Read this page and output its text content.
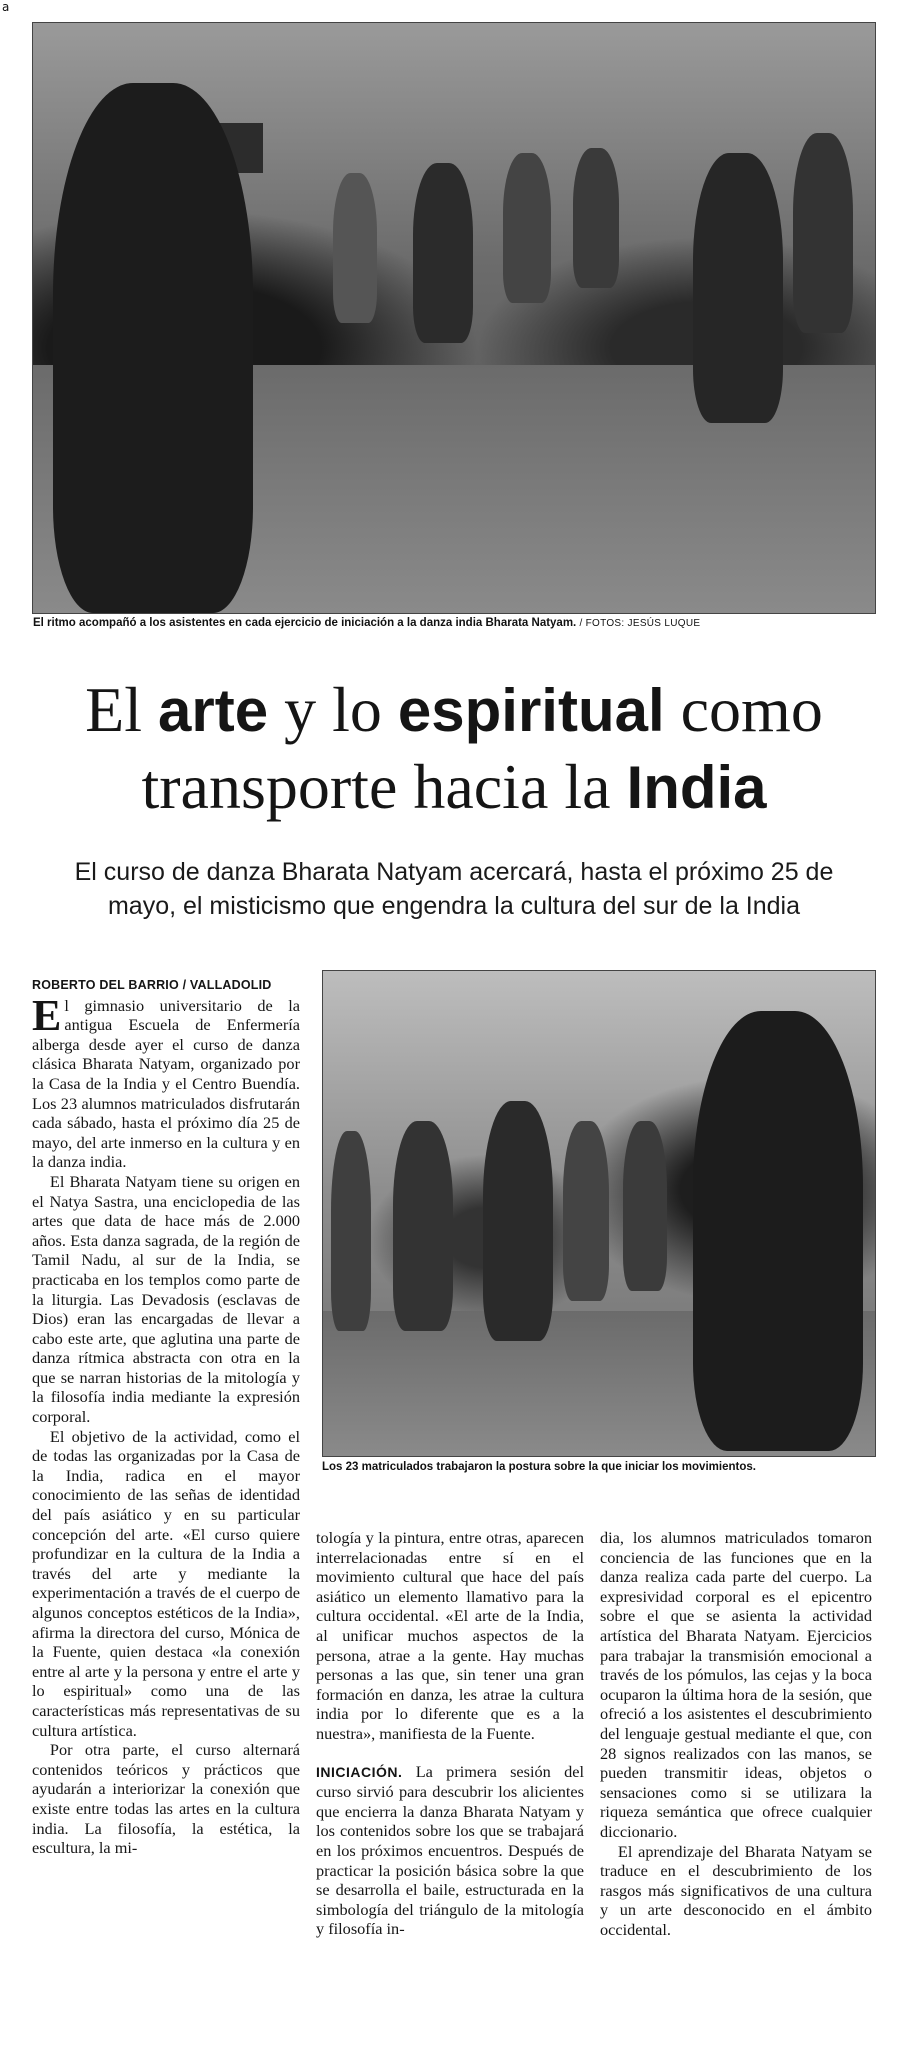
a
El ritmo acompañó a los asistentes en cada ejercicio de iniciación a la danza india Bharata Natyam. / FOTOS: JESÚS LUQUE
El arte y lo espiritual como
transporte hacia la India
El curso de danza Bharata Natyam acercará, hasta el próximo 25 de
mayo, el misticismo que engendra la cultura del sur de la India
Los 23 matriculados trabajaron la postura sobre la que iniciar los movimientos.
ROBERTO DEL BARRIO / VALLADOLID

El gimnasio universitario de la antigua Escuela de Enfermería alberga desde ayer el curso de danza clásica Bharata Natyam, organizado por la Casa de la India y el Centro Buendía. Los 23 alumnos matriculados disfrutarán cada sábado, hasta el próximo día 25 de mayo, del arte inmerso en la cultura y en la danza india.

El Bharata Natyam tiene su origen en el Natya Sastra, una enciclopedia de las artes que data de hace más de 2.000 años. Esta danza sagrada, de la región de Tamil Nadu, al sur de la India, se practicaba en los templos como parte de la liturgia. Las Devadosis (esclavas de Dios) eran las encargadas de llevar a cabo este arte, que aglutina una parte de danza rítmica abstracta con otra en la que se narran historias de la mitología y la filosofía india mediante la expresión corporal.

El objetivo de la actividad, como el de todas las organizadas por la Casa de la India, radica en el mayor conocimiento de las señas de identidad del país asiático y en su particular concepción del arte. «El curso quiere profundizar en la cultura de la India a través del arte y mediante la experimentación a través de el cuerpo de algunos conceptos estéticos de la India», afirma la directora del curso, Mónica de la Fuente, quien destaca «la conexión entre al arte y la persona y entre el arte y lo espiritual» como una de las características más representativas de su cultura artística.

Por otra parte, el curso alternará contenidos teóricos y prácticos que ayudarán a interiorizar la conexión que existe entre todas las artes en la cultura india. La filosofía, la estética, la escultura, la mi-

tología y la pintura, entre otras, aparecen interrelacionadas entre sí en el movimiento cultural que hace del país asiático un elemento llamativo para la cultura occidental. «El arte de la India, al unificar muchos aspectos de la persona, atrae a la gente. Hay muchas personas a las que, sin tener una gran formación en danza, les atrae la cultura india por lo diferente que es a la nuestra», manifiesta de la Fuente.

INICIACIÓN. La primera sesión del curso sirvió para descubrir los alicientes que encierra la danza Bharata Natyam y los contenidos sobre los que se trabajará en los próximos encuentros. Después de practicar la posición básica sobre la que se desarrolla el baile, estructurada en la simbología del triángulo de la mitología y filosofía in-

dia, los alumnos matriculados tomaron conciencia de las funciones que en la danza realiza cada parte del cuerpo. La expresividad corporal es el epicentro sobre el que se asienta la actividad artística del Bharata Natyam. Ejercicios para trabajar la transmisión emocional a través de los pómulos, las cejas y la boca ocuparon la última hora de la sesión, que ofreció a los asistentes el descubrimiento del lenguaje gestual mediante el que, con 28 signos realizados con las manos, se pueden transmitir ideas, objetos o sensaciones como si se utilizara la riqueza semántica que ofrece cualquier diccionario.

El aprendizaje del Bharata Natyam se traduce en el descubrimiento de los rasgos más significativos de una cultura y un arte desconocido en el ámbito occidental.
